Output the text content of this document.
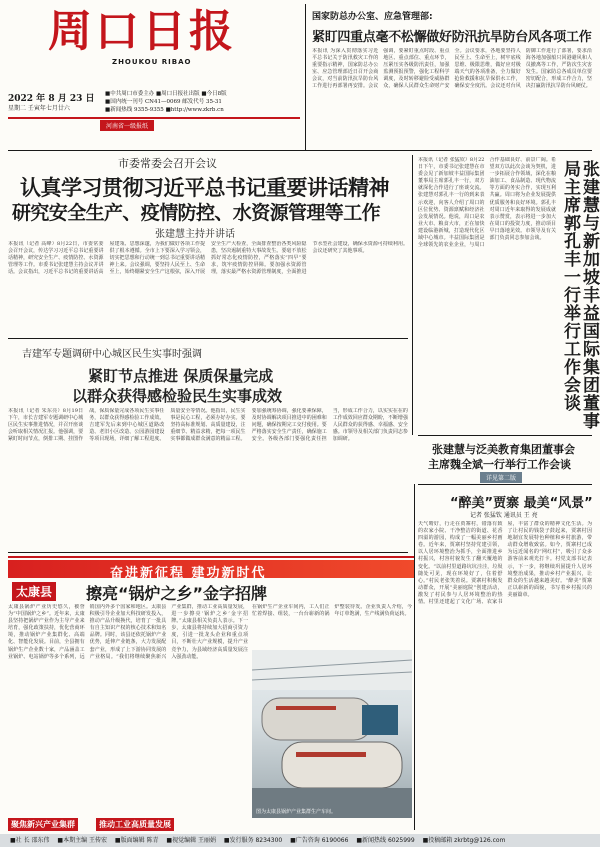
周口日报
ZHOUKOU RIBAO
2022 年 8 月 23 日
星期二 壬寅年七月廿六
■中共周口市委主办 ■周口日报社出版 ■今日8版
■国内统一刊号 CN41—0069 邮发代号 35-31
■新闻热线 9355-9355 ■http://www.zkrb.cn
河南省一级报纸
国家防总办公室、应急管理部:
紧盯四重点毫不松懈做好防汛抗旱防台风各项工作
本报讯 为深入贯彻落实习近平总书记关于防汛救灾工作的重要指示精神，国家防总办公室、应急管理部近日召开会商会议，对当前防汛抗旱防台风工作进行再部署再安排。会议强调，要紧盯重点时段、重点地区、重点部位、重点环节，压紧压实各级防汛责任，加强监测预报预警，强化工程科学调度，及时转移避险受威胁群众，确保人民群众生命财产安全。会议要求，各地要坚持人民至上、生命至上，树牢底线思维、极限思维，做好应对极端天气的各项准备，全力做好抢险救援和抗旱保供水工作，确保安全度汛。会议还对台风防御工作进行了部署，要求沿海各地加强船只回港避风和人员撤离等工作，严防次生灾害发生。国家防总各成员单位要密切配合，形成工作合力，坚决打赢防汛抗旱防台风硬仗。
市委常委会召开会议
认真学习贯彻习近平总书记重要讲话精神
研究安全生产、疫情防控、水资源管理等工作
张建慧主持并讲话
本报讯（记者 高峰）8月22日，市委常委会召开会议，传达学习习近平总书记重要讲话精神，研究安全生产、疫情防控、水资源管理等工作。市委书记张建慧主持会议并讲话。会议指出，习近平总书记的重要讲话高屋建瓴、思想深邃，为我们做好各项工作提供了根本遵循。全市上下要深入学习领会，切实把思想和行动统一到总书记重要讲话精神上来。会议强调，要坚持人民至上、生命至上，始终绷紧安全生产这根弦，深入开展安全生产大检查，全面排查整治各类风险隐患，坚决遏制重特大事故发生。要毫不放松抓好常态化疫情防控，严格落实“四早”要求，筑牢疫情防控屏障。要加强水资源管理，落实最严格水资源管理制度，全面推进节水型社会建设，确保水资源可持续利用。会议还研究了其他事项。
吉建军专题调研中心城区民生实事时强调
紧盯节点推进 保质保量完成
以群众获得感检验民生实事成效
本报讯（记者 朱东亮）8月19日下午，市长吉建军专题调研中心城区民生实事推进情况，并召开座谈会听取相关情况汇报。他强调，要紧盯时间节点，倒排工期、挂图作战，保质保量完成各项民生实事任务，以群众获得感检验工作成效。吉建军先后来到中心城区道路改造、老旧小区改造、公园游园建设等项目现场，详细了解工程进度、质量安全等情况。他指出，民生实事是民心工程，必须办好办实。要坚持高标准规划、高质量建设，注重细节、精益求精，把每一项民生实事都做成群众满意的精品工程。要加强统筹协调，强化要素保障，及时协调解决项目推进中的困难和问题，确保按期完工交付使用。要严格落实安全生产责任，确保施工安全。各级各部门要强化责任担当，形成工作合力，以实实在在的工作成效回应群众期盼，不断增强人民群众的获得感、幸福感、安全感。市领导及相关部门负责同志参加调研。
本报讯（记者 张猛钦）8月22日下午，市委书记张建慧在市委会见了新加坡丰益国际集团董事局主席郭孔丰一行，双方就深化合作进行了座谈交流。张建慧对郭孔丰一行的到来表示欢迎，向客人介绍了周口的区位优势、资源禀赋和经济社会发展情况。他说，周口是农业大市、粮食大市，正在加快建设临港新城，打造现代化区域中心城市。丰益国际集团是全球领先的农业企业，与周口合作基础良好、前景广阔。希望双方以此次会谈为契机，进一步拓展合作领域，深化在粮油加工、食品制造、现代物流等方面的务实合作，实现互利共赢。周口将为企业发展提供优质服务和良好环境。郭孔丰对周口近年来取得的发展成就表示赞赏，表示将进一步加大在周口的投资力度，推动项目早日落地见效。市领导及有关部门负责同志参加会谈。	张建慧与新加坡丰益国际集团董事局主席郭孔丰一行举行工作会谈
张建慧与泛美教育集团董事会
主席魏全斌一行举行工作会谈
详见第二版
“醉美”贾寨 最美“风景”
记者 张猛钦 通讯员 王 亮
天气晴好，行走在贾寨村，错落有致的农家小院、干净整洁的街道、花香四溢的游园，构成了一幅美丽乡村画卷。近年来，贾寨村坚持党建引领，以人居环境整治为抓手，全面推进乡村振兴，村容村貌发生了翻天覆地的变化。“以前村里道路坑坑洼洼，垃圾随处可见，现在环境好了，住着舒心。”村民老张笑着说。贾寨村积极发动群众，开展“美丽庭院”创建活动，激发了村民参与人居环境整治的热情。村里还建起了文化广场、农家书屋，丰富了群众的精神文化生活。为了让村民的钱袋子鼓起来，贾寨村因地制宜发展特色种植和乡村旅游，带动群众增收致富。如今，贾寨村已成为远近闻名的“网红村”，吸引了众多游客前来观光打卡。村党支部书记表示，下一步，将继续巩固提升人居环境整治成果，推动乡村产业振兴，让群众的生活越来越美好。“醉美”贾寨正以崭新的面貌，书写着乡村振兴的美丽篇章。
奋进新征程 建功新时代
太康县 擦亮“锅炉之乡”金字招牌
太康县锅炉产业历史悠久，被誉为“中国锅炉之乡”。近年来，太康县坚持把锅炉产业作为主导产业来培育，强化政策扶持，优化营商环境，推动锅炉产业集群化、高端化、智能化发展。目前，全县拥有锅炉生产企业数十家，产品涵盖工业锅炉、电站锅炉等多个系列，远销国内外多个国家和地区。太康县积极引导企业加大科技研发投入，推动产品升级换代，培育了一批具有自主知识产权的核心技术和知名品牌。同时，该县还依托锅炉产业优势，延伸产业链条，大力发展配套产业，形成了上下游协同发展的产业格局。“我们将继续聚焦新兴产业集群，推动工业高质量发展，进一步擦亮‘锅炉之乡’金字招牌。”太康县相关负责人表示。下一步，太康县将持续加大招商引资力度，引进一批龙头企业和重点项目，不断壮大产业规模，提升产业竞争力，为县域经济高质量发展注入强劲动能。
在锅炉生产企业车间内，工人们正忙着焊接、组装，一台台崭新的锅炉整装待发。企业负责人介绍，今年订单饱满，生产线满负荷运转。
图为太康县锅炉产业集群生产车间。
聚焦新兴产业集群	推动工业高质量发展
■社 长 邵东伟 ■本期主编 王传宏 ■版面编辑 陈青 ■视觉编辑 王丽娟 ■发行服务 8234300 ■广告咨询 6190066 ■新闻热线 6025999 ■投稿邮箱 zkrbtg@126.com
